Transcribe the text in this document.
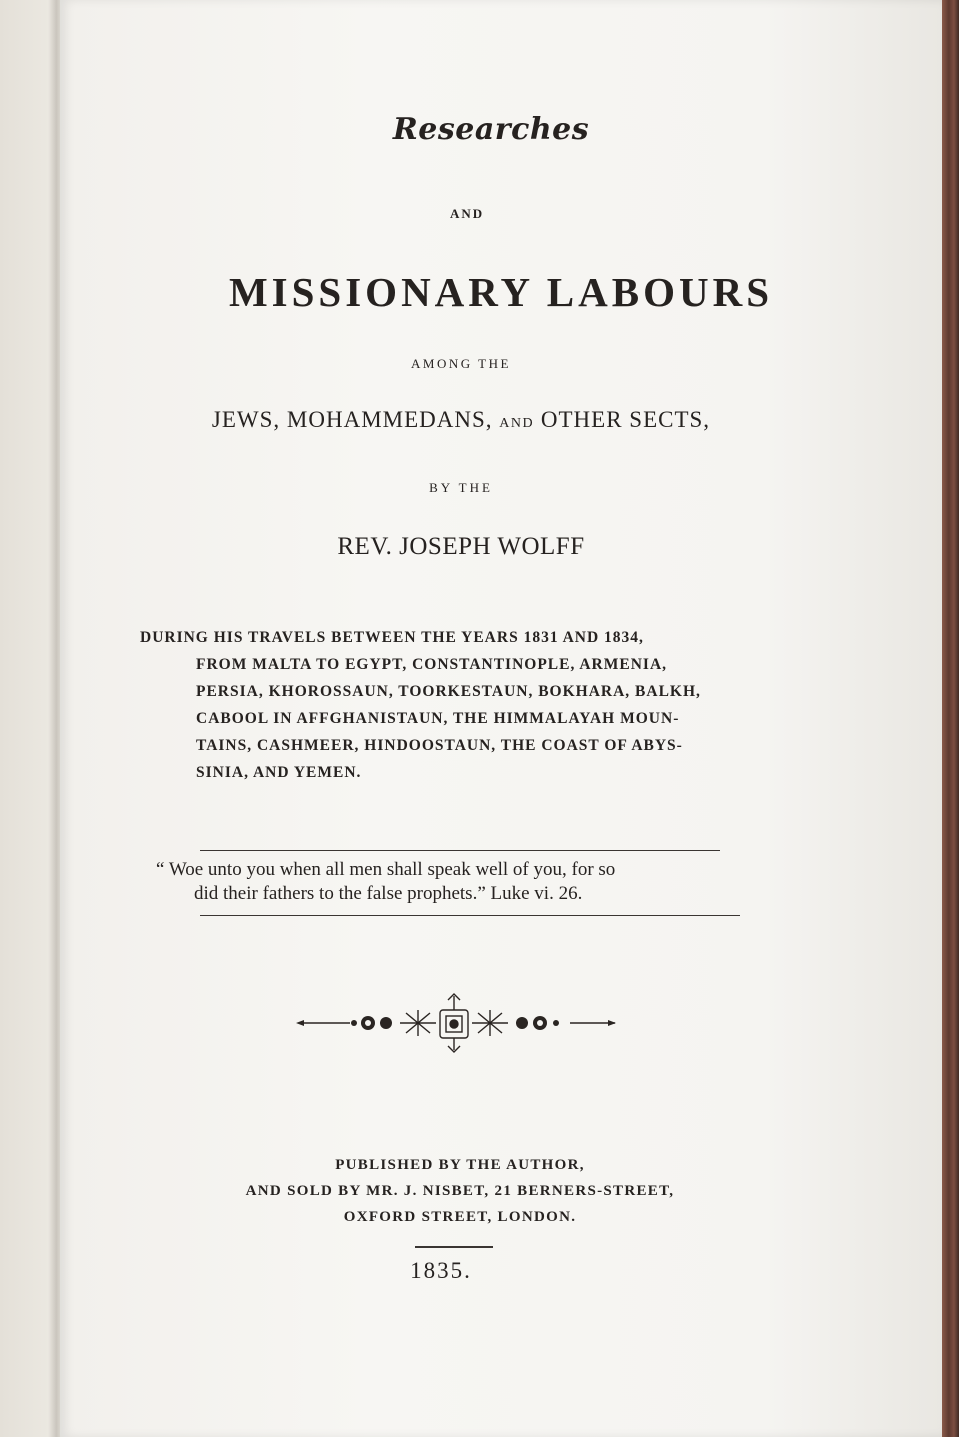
Researches
AND
MISSIONARY LABOURS
AMONG THE
JEWS, MOHAMMEDANS, AND OTHER SECTS,
BY THE
REV. JOSEPH WOLFF
DURING HIS TRAVELS BETWEEN THE YEARS 1831 AND 1834,
FROM MALTA TO EGYPT, CONSTANTINOPLE, ARMENIA,
PERSIA, KHOROSSAUN, TOORKESTAUN, BOKHARA, BALKH,
CABOOL IN AFFGHANISTAUN, THE HIMMALAYAH MOUN-
TAINS, CASHMEER, HINDOOSTAUN, THE COAST OF ABYS-
SINIA, AND YEMEN.
“ Woe unto you when all men shall speak well of you, for so
did their fathers to the false prophets.” Luke vi. 26.
PUBLISHED BY THE AUTHOR,
AND SOLD BY MR. J. NISBET, 21 BERNERS-STREET,
OXFORD STREET, LONDON.
1835.
